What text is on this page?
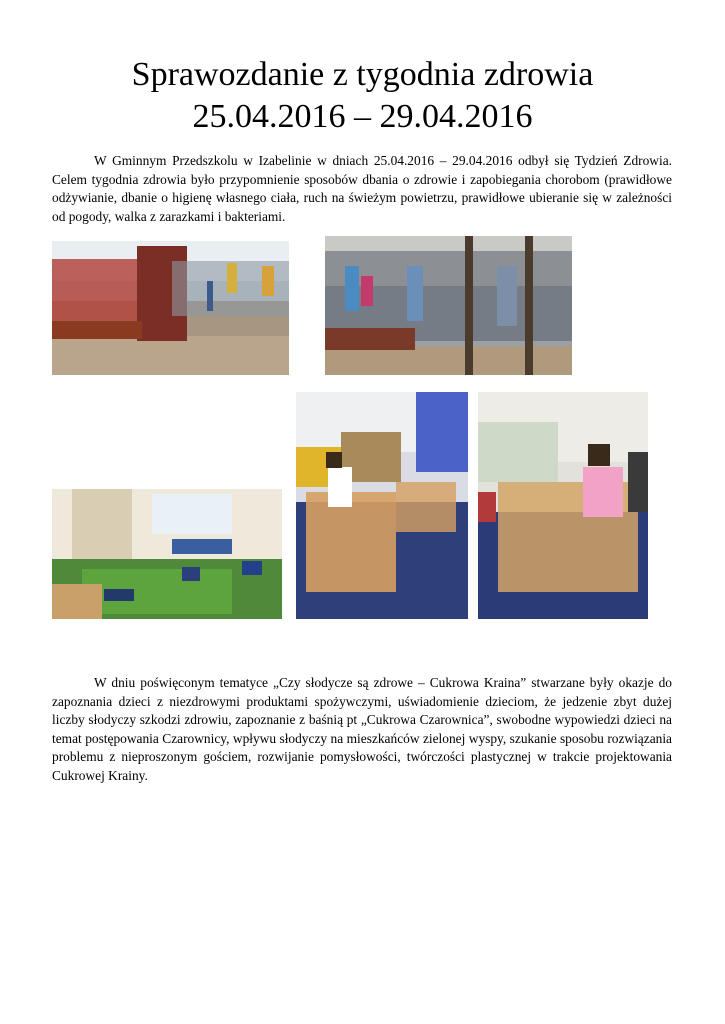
Sprawozdanie z tygodnia zdrowia
25.04.2016 – 29.04.2016

W Gminnym Przedszkolu w Izabelinie w dniach 25.04.2016 – 29.04.2016 odbył się Tydzień Zdrowia. Celem tygodnia zdrowia było przypomnienie sposobów dbania o zdrowie i zapobiegania chorobom (prawidłowe odżywianie, dbanie o higienę własnego ciała, ruch na świeżym powietrzu, prawidłowe ubieranie się w zależności od pogody, walka z zarazkami i bakteriami.

W dniu poświęconym tematyce „Czy słodycze są zdrowe – Cukrowa Kraina” stwarzane były okazje do zapoznania dzieci z niezdrowymi produktami spożywczymi, uświadomienie dzieciom, że jedzenie zbyt dużej liczby słodyczy szkodzi zdrowiu, zapoznanie z baśnią pt „Cukrowa Czarownica”, swobodne wypowiedzi dzieci na temat postępowania Czarownicy, wpływu słodyczy na mieszkańców zielonej wyspy, szukanie sposobu rozwiązania problemu z nieproszonym gościem, rozwijanie pomysłowości, twórczości plastycznej w trakcie projektowania Cukrowej Krainy.
